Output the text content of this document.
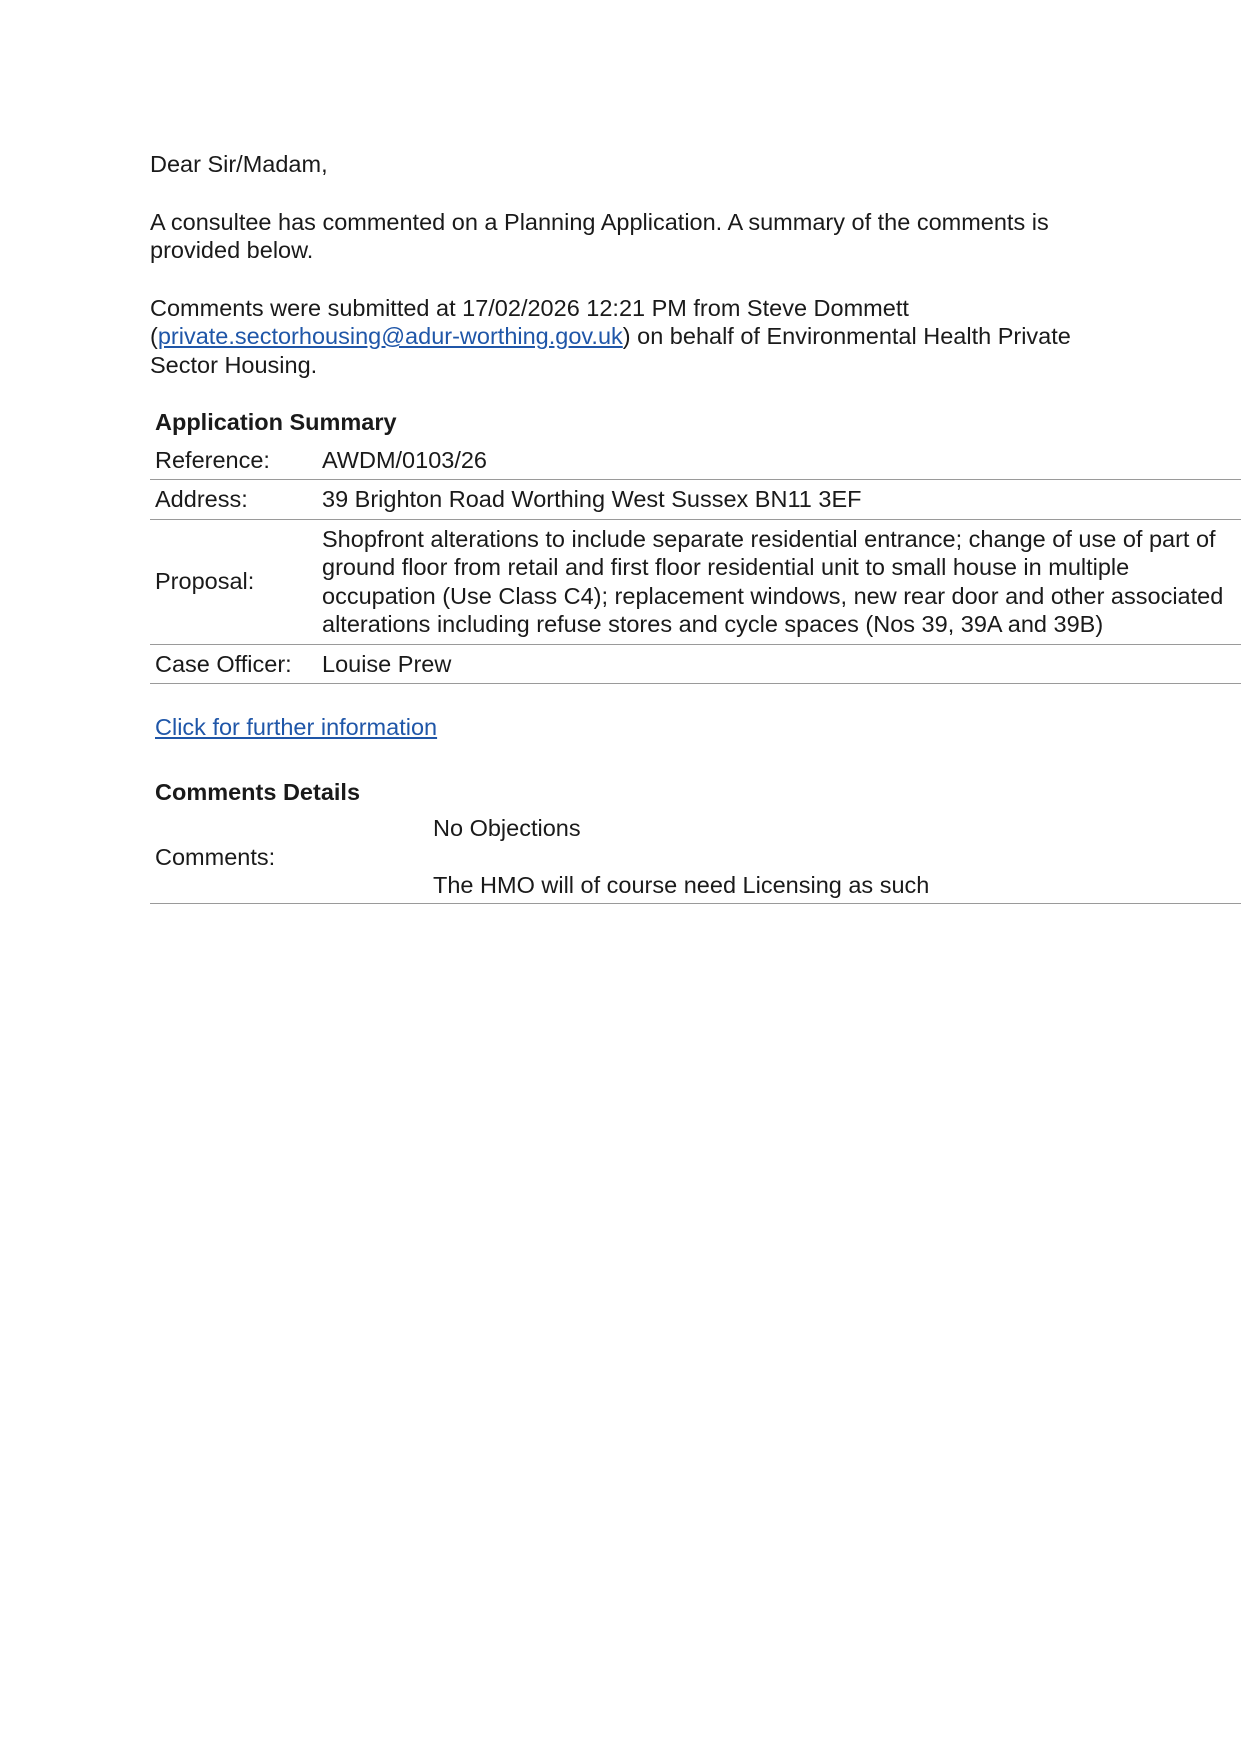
Dear Sir/Madam,

A consultee has commented on a Planning Application. A summary of the comments is provided below.

Comments were submitted at 17/02/2026 12:21 PM from Steve Dommett (private.sectorhousing@adur-worthing.gov.uk) on behalf of Environmental Health Private Sector Housing.

Application Summary
Reference:	AWDM/0103/26
Address:	39 Brighton Road Worthing West Sussex BN11 3EF
Proposal:	Shopfront alterations to include separate residential entrance; change of use of part of ground floor from retail and first floor residential unit to small house in multiple occupation (Use Class C4); replacement windows, new rear door and other associated alterations including refuse stores and cycle spaces (Nos 39, 39A and 39B)
Case Officer:	Louise Prew
Click for further information
Comments Details
Comments:	

No Objections

The HMO will of course need Licensing as such
